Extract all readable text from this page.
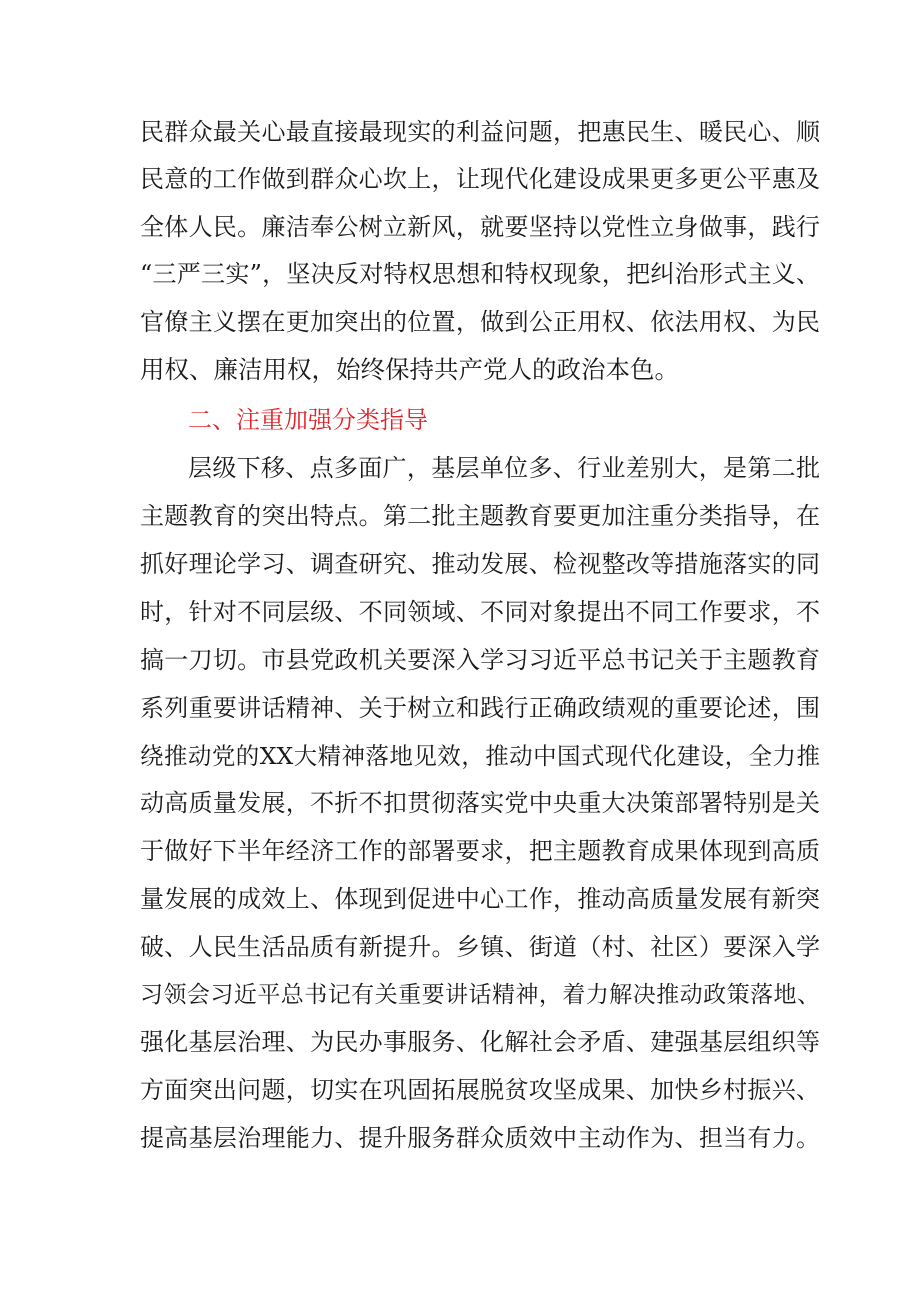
民群众最关心最直接最现实的利益问题，把惠民生、暖民心、顺
民意的工作做到群众心坎上，让现代化建设成果更多更公平惠及
全体人民。廉洁奉公树立新风，就要坚持以党性立身做事，践行
“三严三实”，坚决反对特权思想和特权现象，把纠治形式主义、
官僚主义摆在更加突出的位置，做到公正用权、依法用权、为民
用权、廉洁用权，始终保持共产党人的政治本色。
二、注重加强分类指导
层级下移、点多面广，基层单位多、行业差别大，是第二批
主题教育的突出特点。第二批主题教育要更加注重分类指导，在
抓好理论学习、调查研究、推动发展、检视整改等措施落实的同
时，针对不同层级、不同领域、不同对象提出不同工作要求，不
搞一刀切。市县党政机关要深入学习习近平总书记关于主题教育
系列重要讲话精神、关于树立和践行正确政绩观的重要论述，围
绕推动党的XX大精神落地见效，推动中国式现代化建设，全力推
动高质量发展，不折不扣贯彻落实党中央重大决策部署特别是关
于做好下半年经济工作的部署要求，把主题教育成果体现到高质
量发展的成效上、体现到促进中心工作，推动高质量发展有新突
破、人民生活品质有新提升。乡镇、街道（村、社区）要深入学
习领会习近平总书记有关重要讲话精神，着力解决推动政策落地、
强化基层治理、为民办事服务、化解社会矛盾、建强基层组织等
方面突出问题，切实在巩固拓展脱贫攻坚成果、加快乡村振兴、
提高基层治理能力、提升服务群众质效中主动作为、担当有力。
